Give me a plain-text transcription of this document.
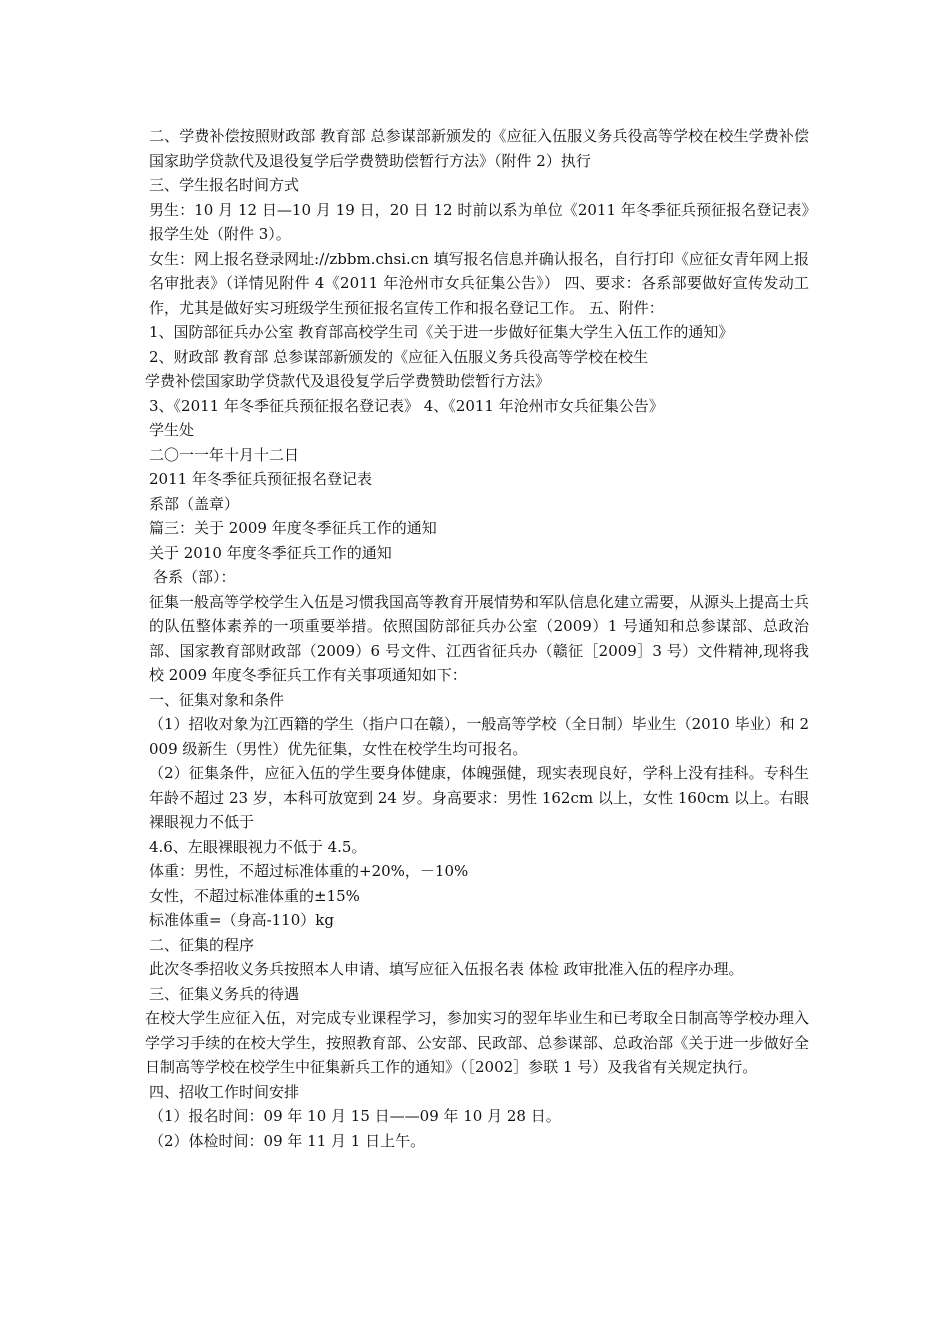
二、学费补偿按照财政部 教育部 总参谋部新颁发的《应征入伍服义务兵役高等学校在校生学费补偿国家助学贷款代及退役复学后学费赞助偿暂行方法》（附件 2）执行

三、学生报名时间方式

男生：10 月 12 日—10 月 19 日，20 日 12 时前以系为单位《2011 年冬季征兵预征报名登记表》报学生处（附件 3）。

女生：网上报名登录网址://zbbm.chsi.cn 填写报名信息并确认报名，自行打印《应征女青年网上报名审批表》（详情见附件 4《2011 年沧州市女兵征集公告》） 四、要求：各系部要做好宣传发动工作，尤其是做好实习班级学生预征报名宣传工作和报名登记工作。 五、附件：

1、国防部征兵办公室 教育部高校学生司《关于进一步做好征集大学生入伍工作的通知》

2、财政部 教育部 总参谋部新颁发的《应征入伍服义务兵役高等学校在校生

学费补偿国家助学贷款代及退役复学后学费赞助偿暂行方法》

3、《2011 年冬季征兵预征报名登记表》 4、《2011 年沧州市女兵征集公告》

学生处

二〇一一年十月十二日

2011 年冬季征兵预征报名登记表

系部（盖章）

篇三：关于 2009 年度冬季征兵工作的通知

关于 2010 年度冬季征兵工作的通知

各系（部）：

征集一般高等学校学生入伍是习惯我国高等教育开展情势和军队信息化建立需要，从源头上提高士兵的队伍整体素养的一项重要举措。依照国防部征兵办公室（2009）1 号通知和总参谋部、总政治部、国家教育部财政部（2009）6 号文件、江西省征兵办（赣征［2009］3 号）文件精神,现将我校 2009 年度冬季征兵工作有关事项通知如下：

一、征集对象和条件

（1）招收对象为江西籍的学生（指户口在赣），一般高等学校（全日制）毕业生（2010 毕业）和 2009 级新生（男性）优先征集，女性在校学生均可报名。

（2）征集条件，应征入伍的学生要身体健康，体魄强健，现实表现良好，学科上没有挂科。专科生年龄不超过 23 岁，本科可放宽到 24 岁。身高要求：男性 162cm 以上，女性 160cm 以上。右眼裸眼视力不低于

4.6、左眼裸眼视力不低于 4.5。

体重：男性，不超过标准体重的+20%，－10%

女性，不超过标准体重的±15%

标准体重=（身高-110）kg

二、征集的程序

此次冬季招收义务兵按照本人申请、填写应征入伍报名表 体检 政审批准入伍的程序办理。

三、征集义务兵的待遇

在校大学生应征入伍，对完成专业课程学习，参加实习的翌年毕业生和已考取全日制高等学校办理入学学习手续的在校大学生，按照教育部、公安部、民政部、总参谋部、总政治部《关于进一步做好全日制高等学校在校学生中征集新兵工作的通知》（［2002］参联 1 号）及我省有关规定执行。

四、招收工作时间安排

（1）报名时间：09 年 10 月 15 日——09 年 10 月 28 日。

（2）体检时间：09 年 11 月 1 日上午。
